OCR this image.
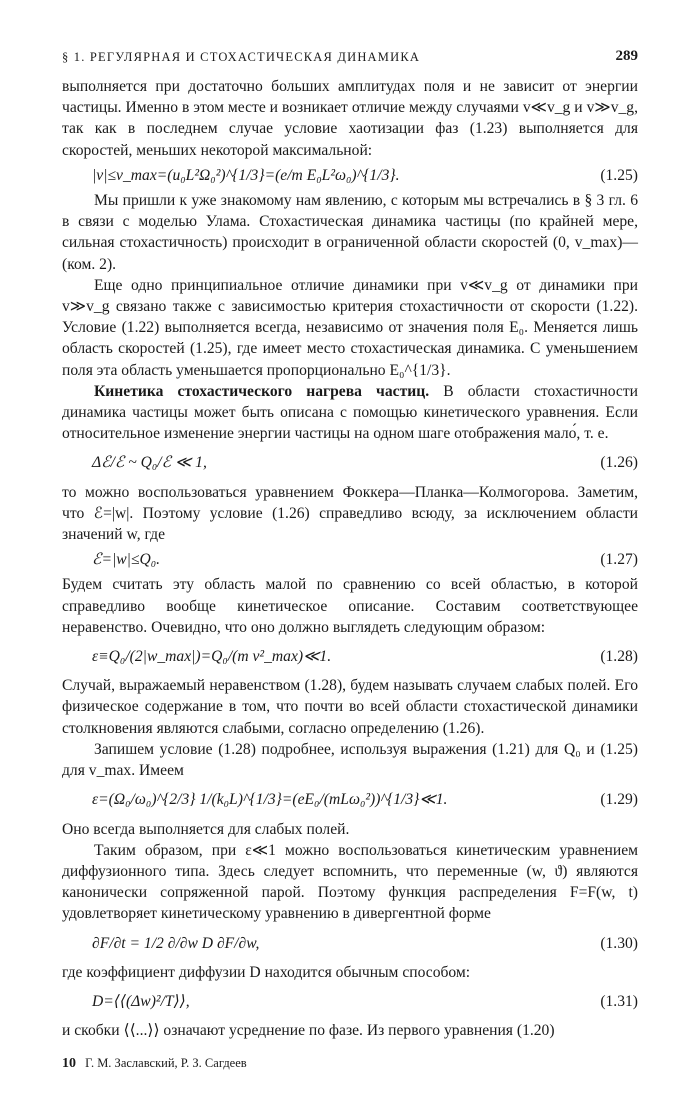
§ 1. РЕГУЛЯРНАЯ И СТОХАСТИЧЕСКАЯ ДИНАМИКА	289

выполняется при достаточно больших амплитудах поля и не зависит от энергии частицы. Именно в этом месте и возникает отличие между случаями v≪v_g и v≫v_g, так как в последнем случае условие хаотизации фаз (1.23) выполняется для скоростей, меньших некоторой максимальной:

|v|≤v_max=(u₀L²Ω₀²)^{1/3}=(e/m E₀L²ω₀)^{1/3}.	(1.25)

Мы пришли к уже знакомому нам явлению, с которым мы встречались в § 3 гл. 6 в связи с моделью Улама. Стохастическая динамика частицы (по крайней мере, сильная стохастичность) происходит в ограниченной области скоростей (0, v_max)—(ком. 2).

Еще одно принципиальное отличие динамики при v≪v_g от динамики при v≫v_g связано также с зависимостью критерия стохастичности от скорости (1.22). Условие (1.22) выполняется всегда, независимо от значения поля E₀. Меняется лишь область скоростей (1.25), где имеет место стохастическая динамика. С уменьшением поля эта область уменьшается пропорционально E₀^{1/3}.

Кинетика стохастического нагрева частиц. В области стохастичности динамика частицы может быть описана с помощью кинетического уравнения. Если относительное изменение энергии частицы на одном шаге отображения мало́, т. е.

Δℰ/ℰ ~ Q₀/ℰ ≪ 1,	(1.26)

то можно воспользоваться уравнением Фоккера—Планка—Колмогорова. Заметим, что ℰ=|w|. Поэтому условие (1.26) справедливо всюду, за исключением области значений w, где

ℰ=|w|≤Q₀.	(1.27)

Будем считать эту область малой по сравнению со всей областью, в которой справедливо вообще кинетическое описание. Составим соответствующее неравенство. Очевидно, что оно должно выглядеть следующим образом:

ε≡Q₀/(2|w_max|)=Q₀/(m v²_max)≪1.	(1.28)

Случай, выражаемый неравенством (1.28), будем называть случаем слабых полей. Его физическое содержание в том, что почти во всей области стохастической динамики столкновения являются слабыми, согласно определению (1.26).

Запишем условие (1.28) подробнее, используя выражения (1.21) для Q₀ и (1.25) для v_max. Имеем

ε=(Ω₀/ω₀)^{2/3} 1/(k₀L)^{1/3}=(eE₀/(mLω₀²))^{1/3}≪1.	(1.29)

Оно всегда выполняется для слабых полей.

Таким образом, при ε≪1 можно воспользоваться кинетическим уравнением диффузионного типа. Здесь следует вспомнить, что переменные (w, ϑ) являются канонически сопряженной парой. Поэтому функция распределения F=F(w, t) удовлетворяет кинетическому уравнению в дивергентной форме

∂F/∂t = 1/2 ∂/∂w D ∂F/∂w,	(1.30)

где коэффициент диффузии D находится обычным способом:

D=⟨⟨(Δw)²/T⟩⟩,	(1.31)

и скобки ⟨⟨...⟩⟩ означают усреднение по фазе. Из первого уравнения (1.20)

10 Г. М. Заславский, Р. З. Сагдеев
